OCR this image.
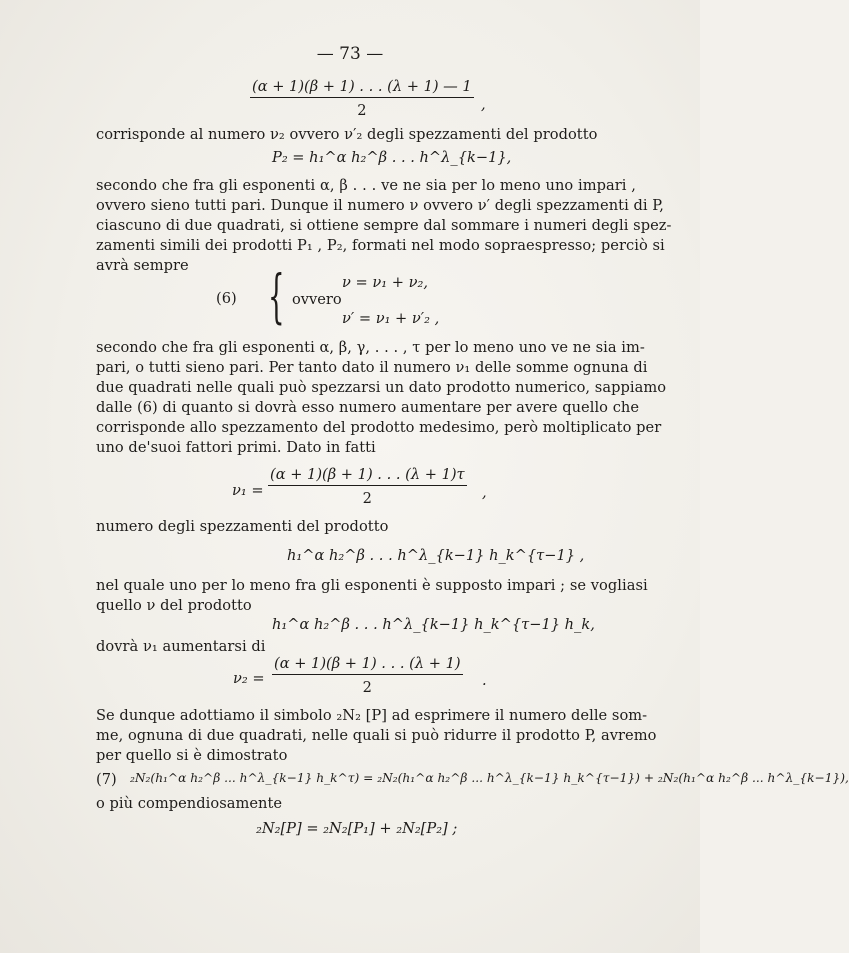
— 73 —
$\frac{(\alpha + 1)(\beta + 1) . . . (\lambda + 1) — 1}{2}$ ,
corrisponde al numero ν₂ ovvero ν′₂ degli spezzamenti del prodotto
P₂ = h₁^α h₂^β . . . h^λ_{k−1},
secondo che fra gli esponenti α, β . . . ve ne sia per lo meno uno impari ,
ovvero sieno tutti pari. Dunque il numero ν ovvero ν′ degli spezzamenti di P,
ciascuno di due quadrati, si ottiene sempre dal sommare i numeri degli spez-
zamenti simili dei prodotti P₁ , P₂, formati nel modo sopraespresso; perciò si
avrà sempre
(6) {	ν = ν₁ + ν₂,
ovvero
ν′ = ν₁ + ν′₂ ,
secondo che fra gli esponenti α, β, γ, . . . , τ per lo meno uno ve ne sia im-
pari, o tutti sieno pari. Per tanto dato il numero ν₁ delle somme ognuna di
due quadrati nelle quali può spezzarsi un dato prodotto numerico, sappiamo
dalle (6) di quanto si dovrà esso numero aumentare per avere quello che
corrisponde allo spezzamento del prodotto medesimo, però moltiplicato per
uno de'suoi fattori primi. Dato in fatti
$\nu_1 = \frac{(\alpha + 1)(\beta + 1) . . . (\lambda + 1)\tau}{2}$ ,
numero degli spezzamenti del prodotto
h₁^α h₂^β . . . h^λ_{k−1} h_k^{τ−1} ,
nel quale uno per lo meno fra gli esponenti è supposto impari ; se vogliasi
quello ν del prodotto
h₁^α h₂^β . . . h^λ_{k−1} h_k^{τ−1} h_k,
dovrà ν₁ aumentarsi di
$\nu_2 = \frac{(\alpha + 1)(\beta + 1) . . . (\lambda + 1)}{2}$ .
Se dunque adottiamo il simbolo ₂N₂ [P] ad esprimere il numero delle som-
me, ognuna di due quadrati, nelle quali si può ridurre il prodotto P, avremo
per quello si è dimostrato
(7) ₂N₂(h₁^α h₂^β ... h^λ_{k−1} h_k^τ) = ₂N₂(h₁^α h₂^β ... h^λ_{k−1} h_k^{τ−1}) + ₂N₂(h₁^α h₂^β ... h^λ_{k−1}),
o più compendiosamente
₂N₂[P] = ₂N₂[P₁] + ₂N₂[P₂] ;
